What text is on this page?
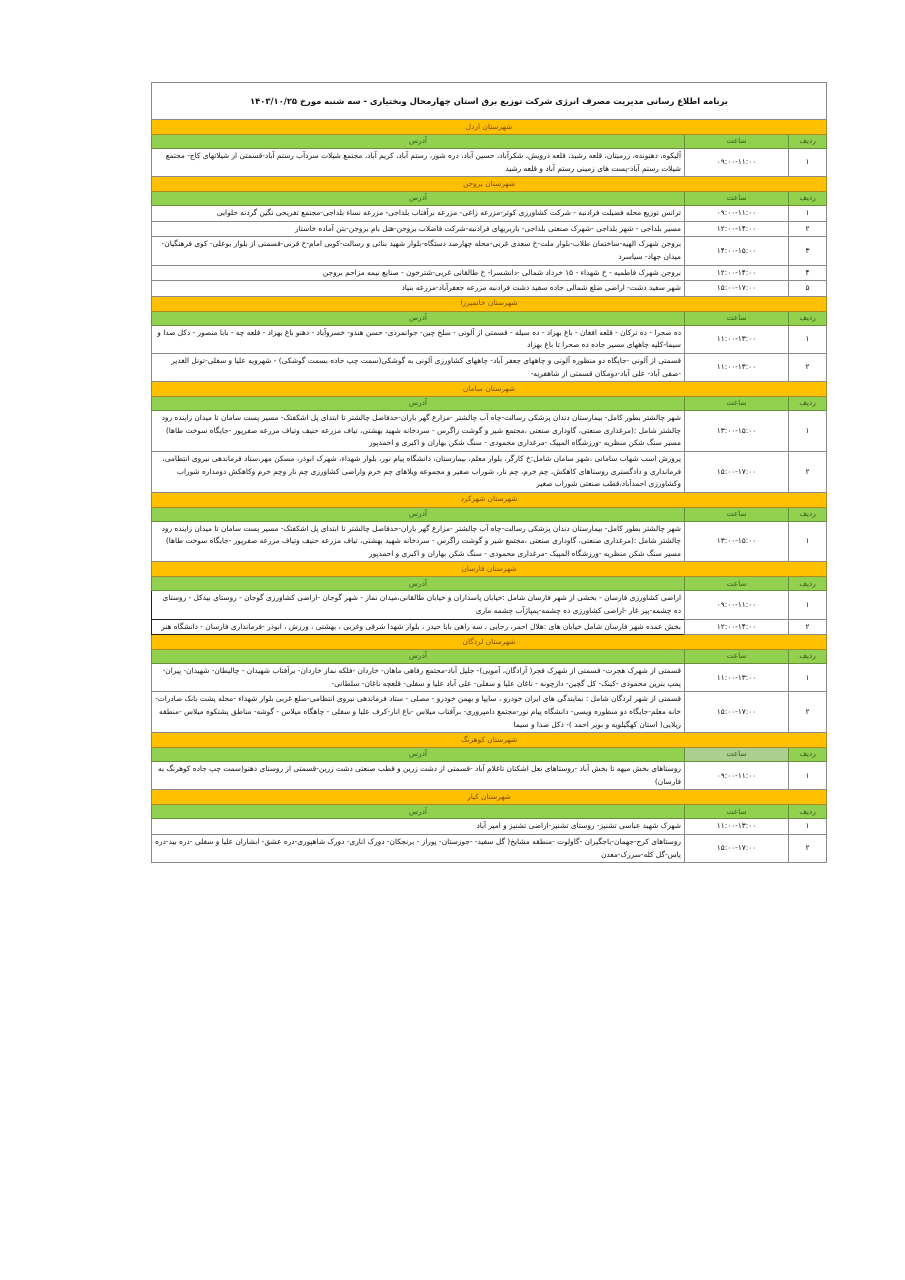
برنامه اطلاع رسانی مدیریت مصرف انرژی شرکت توزیع برق استان چهارمحال وبختیاری - سه شنبه مورخ ۱۴۰۳/۱۰/۲۵		
شهرستان اردل		
ردیف	ساعت	آدرس
۱	۰۹:۰۰-۱۱:۰۰	آلیکوه، دهنونده، زرمیتان، قلعه رشید، قلعه درویش، شکرآباد، حسین آباد، دره شور، رستم آباد، کریم آباد، مجتمع شیلات سردآب رستم آباد-قسمتی از شیلاتهای کاج- مجتمع شیلات رستم آباد-پست های زمینی رستم آباد و قلعه رشید
شهرستان بروجن		
ردیف	ساعت	آدرس
۱	۰۹:۰۰-۱۱:۰۰	ترانس توزیع محله فضیلت فرادنبه - شرکت کشاورزی کوثر-مزرعه زاغی- مزرعه برآفتاب بلداجی- مزرعه نساء بلداجی-مجتمع تفریحی نگین گردنه حلوایی
۲	۱۲:۰۰-۱۴:۰۰	مسیر بلداجی - شهر بلداجی -شهرک صنعتی بلداجی- باربریهای فرادنبه-شرکت فاضلاب بروجن-هتل بام بروجن-بتن آماده خاستار
۳	۱۴:۰۰-۱۵:۰۰	بروجن شهرک الهیه-ساختمان طلاب-بلوار ملت-خ سعدی غربی-محله چهارصد دستگاه-بلوار شهید بنائی و رسالت-کوبی امام-خ قرنی-قسمتی از بلوار بوعلی- کوی فرهنگیان-میدان جهاد- سیاسرد
۴	۱۲:۰۰-۱۴:۰۰	بروجن شهرک فاطمیه - خ شهداء - ۱۵ خرداد شمالی -دانشسرا- خ طالقانی غربی-شترخون - صنایع نیمه مزاحم بروجن
۵	۱۵:۰۰-۱۷:۰۰	شهر سفید دشت- اراضی ضلع شمالی جاده سفید دشت فرادنبه مزرعه جعفرآباد-مزرعه بنیاد
شهرستان خانمیرزا		
ردیف	ساعت	آدرس
۱	۱۱:۰۰-۱۳:۰۰	ده صحرا - ده ترکان - قلعه افغان - باغ بهزاد - ده سیله - قسمتی از آلونی - سلخ چین- جوانمردی- حسن هندو- خسروآباد - دهنو باغ بهزاد - قلعه چه - بابا منصور - دکل صدا و سیما-کلیه چاههای مسیر جاده ده صحرا تا باغ بهزاد
۲	۱۱:۰۰-۱۳:۰۰	قسمتی از آلونی -جایگاه دو منظوره آلونی و چاههای جعفر آباد- چاههای کشاورزی آلونی به گوشکی(سمت چپ جاده بسمت گوشکی) - شهرویه علیا و سفلی-تونل الغدیر -صفی آباد- علی آباد-دومکان قسمتی از شاهفریه-
شهرستان سامان		
ردیف	ساعت	آدرس
۱	۱۳:۰۰-۱۵:۰۰	شهر چالشتر بطور کامل- بیمارستان دندان پزشکی رسالت-چاه آب چالشتر -مزارع گهر باران-حدفاصل چالشتر تا ابتدای پل اشکفتک- مسیر پست سامان تا میدان زاینده رود چالشتر شامل :(مرغداری صنعتی، گاوداری صنعتی ،مجتمع شیر و گوشت زاگرس - سردخانه شهید بهشتی، تیاف مزرعه حنیف وتیاف مزرعه صفرپور -جایگاه سوخت طاها) مسیر سنگ شکن منظریه -ورزشگاه المپیک -مرغداری محمودی - سنگ شکن بهاران و اکبری و احمدپور
۲	۱۵:۰۰-۱۷:۰۰	پرورش اسب شهاب سامانی ،شهر سامان شامل:خ کارگر، بلوار معلم، بیمارستان، دانشگاه پیام نور، بلوار شهداء، شهرک ابوذر، مسکن مهر،ستاد فرماندهی نیروی انتظامی، فرمانداری و دادگستری روستاهای کاهکش، چم خرم، چم نار، شوراب صغیر و مجموعه ویلاهای چم خرم واراضی کشاورزی چم نار وچم خرم وکاهکش دومداره شوراب وکشاورزی احمدآباد،قطب صنعتی شوراب صغیر
شهرستان شهرکرد		
ردیف	ساعت	آدرس
۱	۱۳:۰۰-۱۵:۰۰	شهر چالشتر بطور کامل- بیمارستان دندان پزشکی رسالت-چاه آب چالشتر -مزارع گهر باران-حدفاصل چالشتر تا ابتدای پل اشکفتک- مسیر پست سامان تا میدان زاینده رود چالشتر شامل :(مرغداری صنعتی، گاوداری صنعتی ،مجتمع شیر و گوشت زاگرس - سردخانه شهید بهشتی، تیاف مزرعه حنیف وتیاف مزرعه صفرپور -جایگاه سوخت طاها) مسیر سنگ شکن منظریه -ورزشگاه المپیک -مرغداری محمودی - سنگ شکن بهاران و اکبری و احمدپور
شهرستان فارسان		
ردیف	ساعت	آدرس
۱	۰۹:۰۰-۱۱:۰۰	اراضی کشاورزی فارسان - بخشی از شهر فارسان شامل :خیابان پاسداران و خیابان طالقانی،میدان نماز - شهر گوجان -اراضی کشاورزی گوجان - روستای بیدکل - روستای ده چشمه-پیر غار -اراضی کشاورزی ده چشمه-پمپاژآب چشمه ماری
۲	۱۲:۰۰-۱۴:۰۰	بخش عمده شهر فارسان شامل خیابان های :هلال احمر، رجایی ، سه راهی بابا حیدر ، بلوار شهدا شرقی وغربی ، بهشتی ، ورزش ، ابوذر -فرمانداری فارسان - دانشگاه هنر
شهرستان لردگان		
ردیف	ساعت	آدرس
۱	۱۱:۰۰-۱۳:۰۰	قسمتی از شهرک هجرت- قسمتی از شهرک فجر( آزادگان، آمویی)- جلیل آباد-مجتمع رفاهی ماهان- خاردان -فلکه نماز خاردان- برآفتاب شهیدان - چالیطان- شهیدان- پیران- پمپ بنزین محمودی -کینک- کل گچین- دارچونه - ناغان علیا و سفلی- علی آباد علیا و سفلی- قلعچه ناغان- سلطانی-
۲	۱۵:۰۰-۱۷:۰۰	قسمتی از شهر لردگان شامل : نمایندگی های ایران خودرو ، سایپا و بهمن خودرو - مصلی - ستاد فرماندهی نیروی انتظامی-ضلع غربی بلوار شهداء -محله پشت بانک صادرات-خانه معلم-جایگاه دو منظوره ویسی- دانشگاه پیام نور-مجتمع دامپروری- برآفتاب میلاس -باغ انار-کرف علیا و سفلی - چاهگاه میلاس - گوشه- مناطق پشتکوه میلاس -منطقه زیلایی( استان کهگیلویه و بویر احمد )- دکل صدا و سیما
شهرستان کوهرنگ		
ردیف	ساعت	آدرس
۱	۰۹:۰۰-۱۱:۰۰	روستاهای بخش میهه تا بخش آباد -روستاهای نعل اشکنان تاغلام آباد -قسمتی از دشت زرین و قطب صنعتی دشت زرین-قسمتی از روستای دهنو(سمت چپ جاده کوهرنگ به فارسان)
شهرستان کیار		
ردیف	ساعت	آدرس
۱	۱۱:۰۰-۱۳:۰۰	شهرک شهید عباسی تشنیز- روستای تشنیز-اراضی تشنیز و امیر آباد
۲	۱۵:۰۰-۱۷:۰۰	روستاهای کرج-جهمان-باجگیران -گاولوت -منطقه مشایخ( گل سفید- -جوزستان- پوراز - برنجکان- دورک اناری- دورک شاهپوری-دره عشق- ابشاران علیا و سفلی -دره بید-دره پاس-گل کله-سررک-معدن
